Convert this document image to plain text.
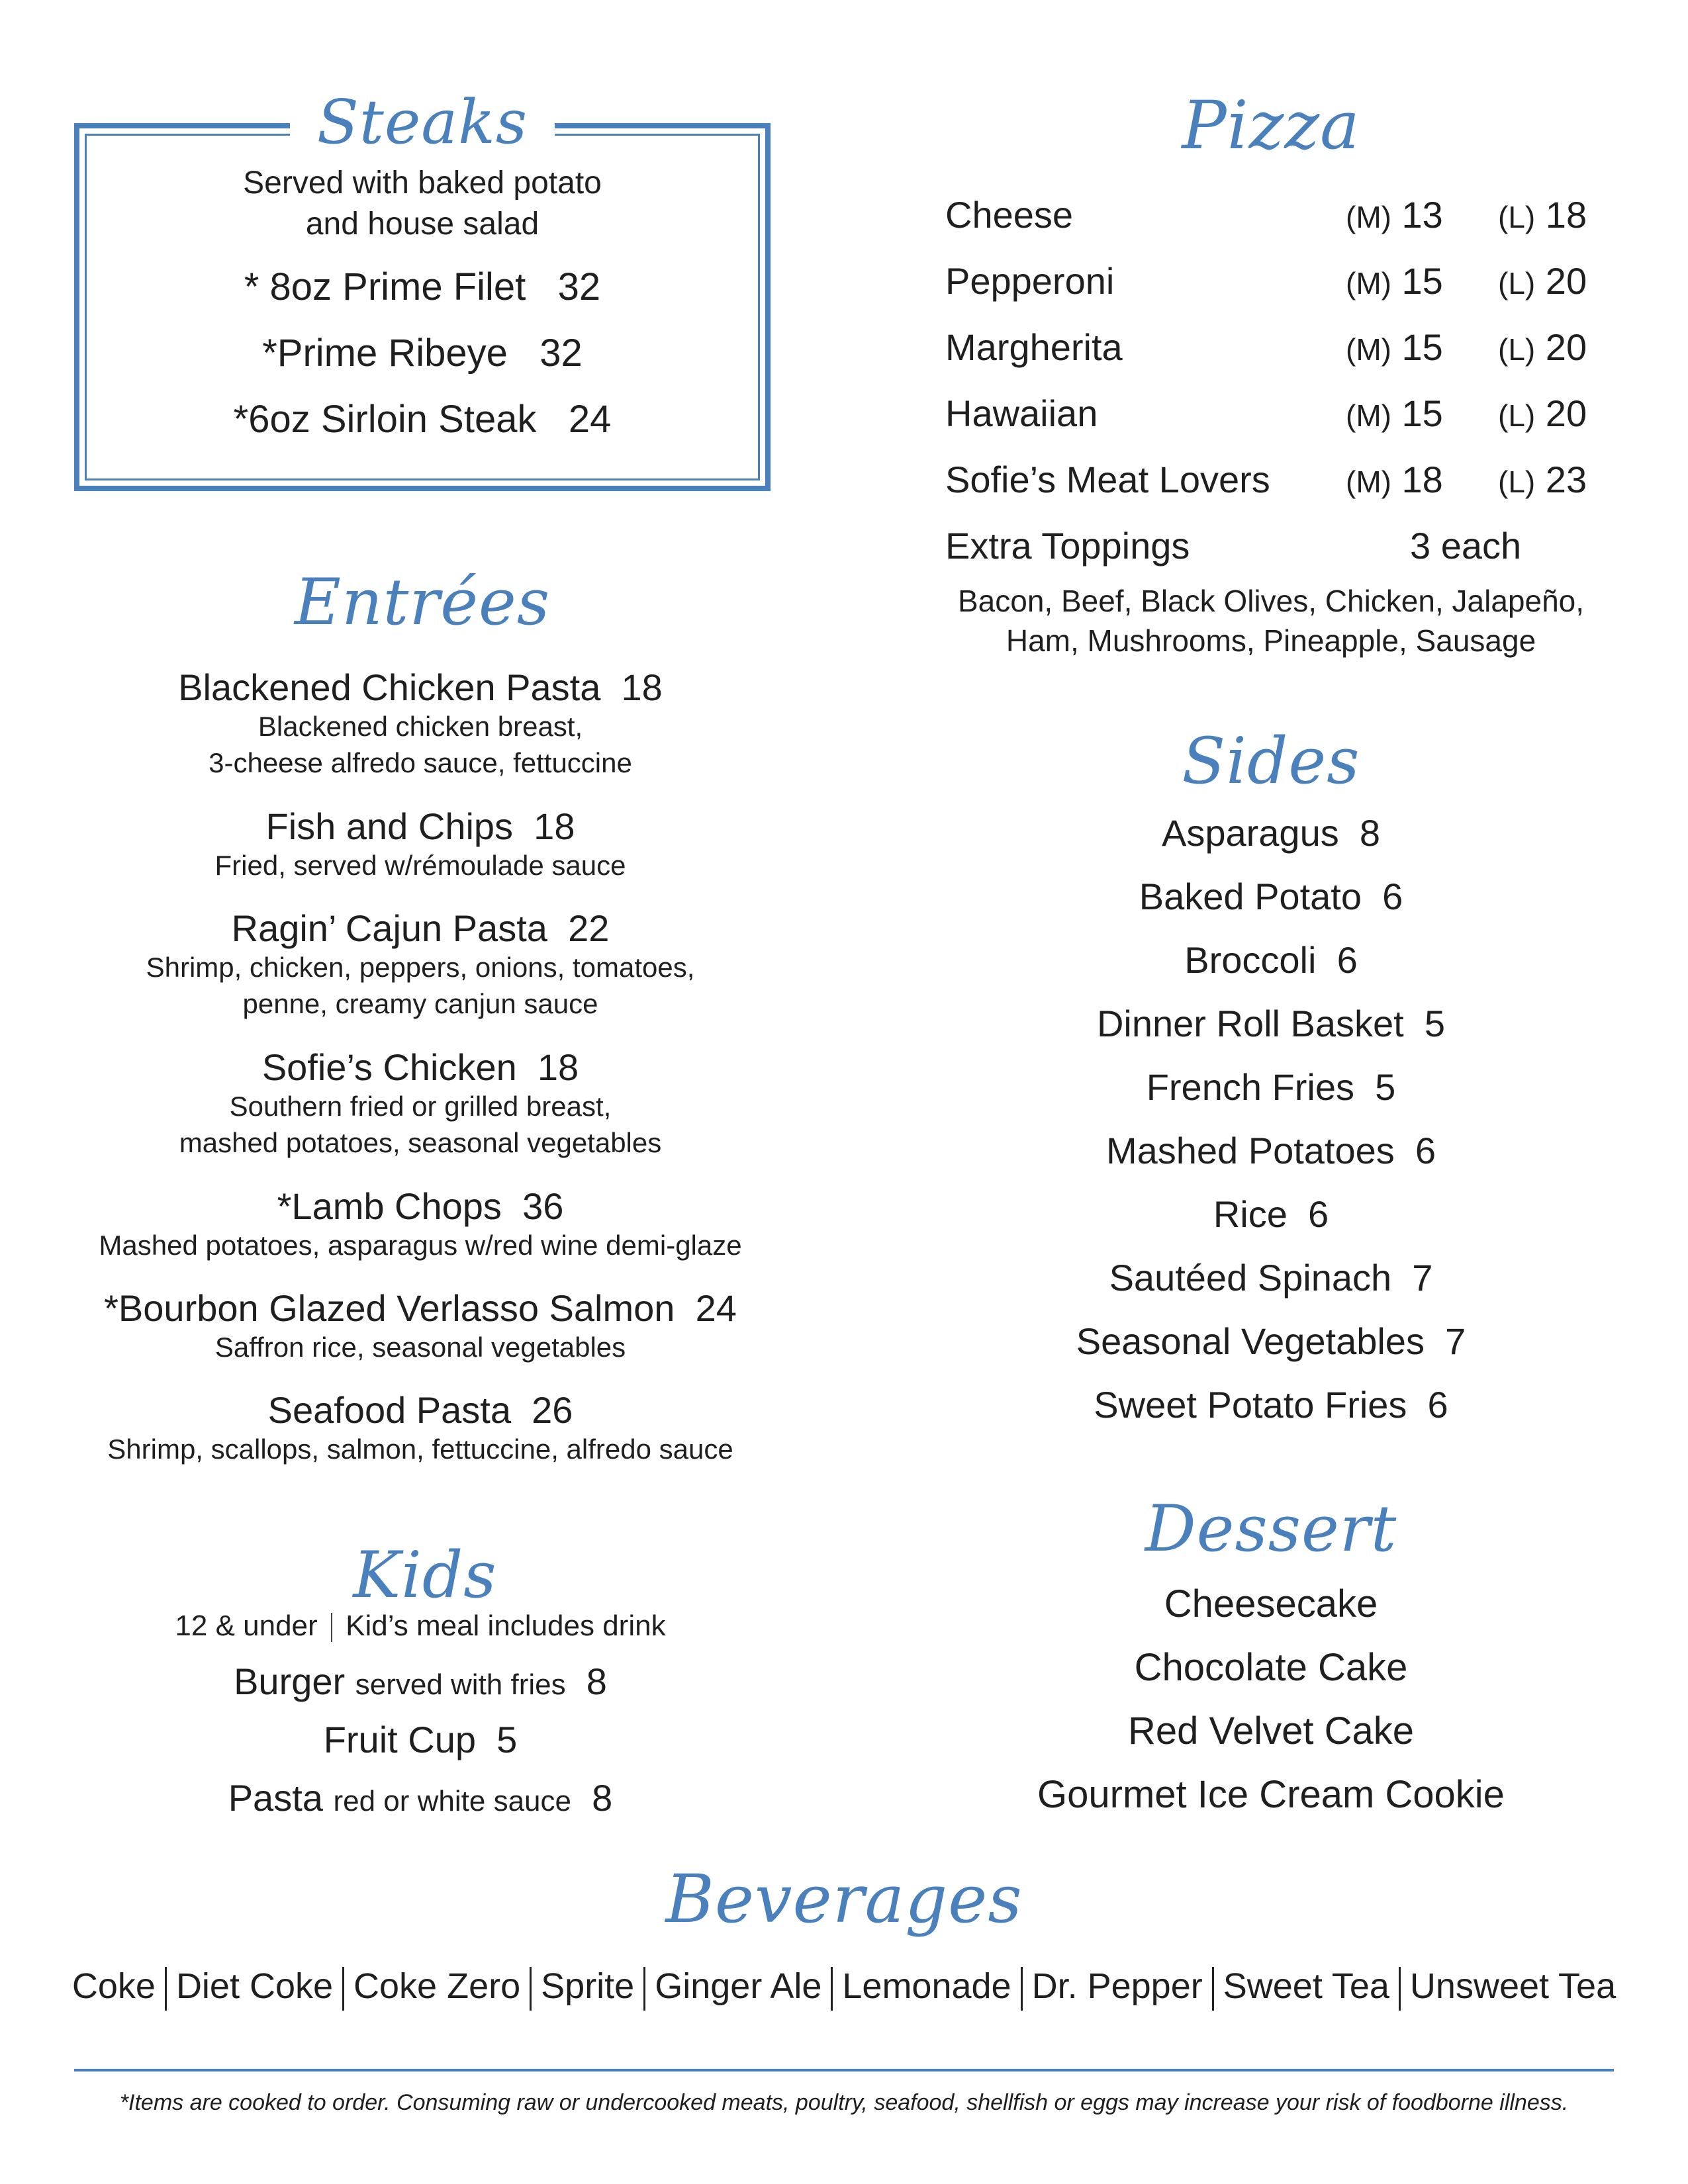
Steaks
Served with baked potato
and house salad
* 8oz Prime Filet 32
*Prime Ribeye 32
*6oz Sirloin Steak 24
Pizza
Cheese	(M) 13 (L) 18
Pepperoni	(M) 15 (L) 20
Margherita	(M) 15 (L) 20
Hawaiian	(M) 15 (L) 20
Sofie’s Meat Lovers (M) 18 (L) 23
Extra Toppings	3 each
Bacon, Beef, Black Olives, Chicken, Jalapeño,
Ham, Mushrooms, Pineapple, Sausage
Entrées
Blackened Chicken Pasta 18
Blackened chicken breast,
3-cheese alfredo sauce, fettuccine
Fish and Chips 18
Fried, served w/rémoulade sauce
Ragin’ Cajun Pasta 22
Shrimp, chicken, peppers, onions, tomatoes,
penne, creamy canjun sauce
Sofie’s Chicken 18
Southern fried or grilled breast,
mashed potatoes, seasonal vegetables
*Lamb Chops 36
Mashed potatoes, asparagus w/red wine demi-glaze
*Bourbon Glazed Verlasso Salmon 24
Saffron rice, seasonal vegetables
Seafood Pasta 26
Shrimp, scallops, salmon, fettuccine, alfredo sauce
Sides
Asparagus 8
Baked Potato 6
Broccoli 6
Dinner Roll Basket 5
French Fries 5
Mashed Potatoes 6
Rice 6
Sautéed Spinach 7
Seasonal Vegetables 7
Sweet Potato Fries 6
Kids
12 & under Kid’s meal includes drink
Burger served with fries 8
Fruit Cup 5
Pasta red or white sauce 8
Dessert
Cheesecake
Chocolate Cake
Red Velvet Cake
Gourmet Ice Cream Cookie
Beverages
Coke Diet Coke Coke Zero Sprite Ginger Ale Lemonade Dr. Pepper Sweet Tea Unsweet Tea
*Items are cooked to order. Consuming raw or undercooked meats, poultry, seafood, shellfish or eggs may increase your risk of foodborne illness.
